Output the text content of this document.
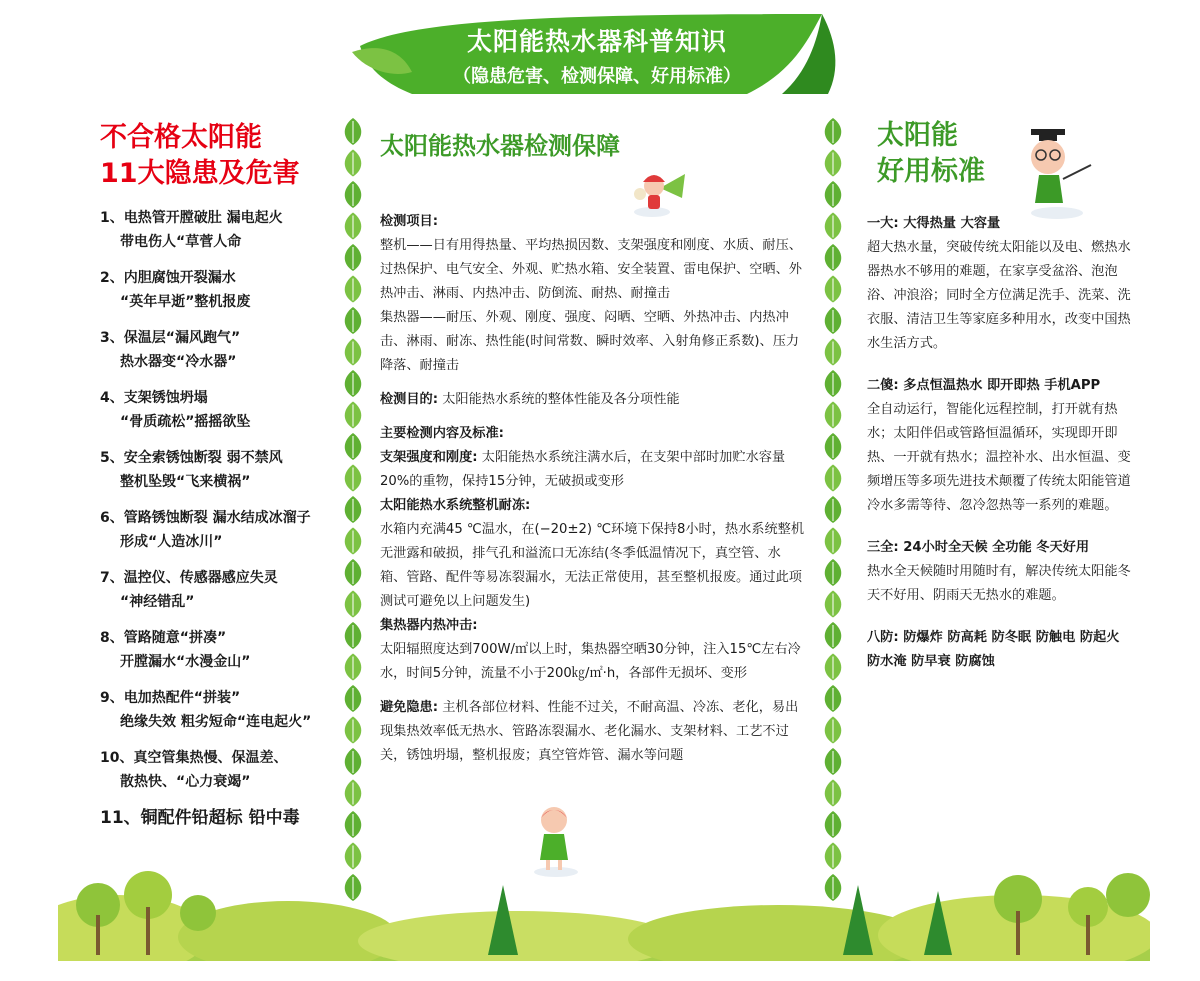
太阳能热水器科普知识
（隐患危害、检测保障、好用标准）
不合格太阳能
11大隐患及危害
1、电热管开膛破肚 漏电起火
带电伤人“草菅人命
2、内胆腐蚀开裂漏水
“英年早逝”整机报废
3、保温层“漏风跑气”
热水器变“冷水器”
4、支架锈蚀坍塌
“骨质疏松”摇摇欲坠
5、安全索锈蚀断裂 弱不禁风
整机坠毁“飞来横祸”
6、管路锈蚀断裂 漏水结成冰溜子
形成“人造冰川”
7、温控仪、传感器感应失灵
“神经错乱”
8、管路随意“拼凑”
开膛漏水“水漫金山”
9、电加热配件“拼装”
绝缘失效 粗劣短命“连电起火”
10、真空管集热慢、保温差、
散热快、“心力衰竭”
11、铜配件铅超标 铅中毒
太阳能热水器检测保障

检测项目:

整机——日有用得热量、平均热损因数、支架强度和刚度、水质、耐压、过热保护、电气安全、外观、贮热水箱、安全装置、雷电保护、空晒、外热冲击、淋雨、内热冲击、防倒流、耐热、耐撞击

集热器——耐压、外观、刚度、强度、闷晒、空晒、外热冲击、内热冲击、淋雨、耐冻、热性能(时间常数、瞬时效率、入射角修正系数)、压力降落、耐撞击

检测目的: 太阳能热水系统的整体性能及各分项性能

主要检测内容及标准:

支架强度和刚度: 太阳能热水系统注满水后，在支架中部时加贮水容量20%的重物，保持15分钟，无破损或变形

太阳能热水系统整机耐冻:

水箱内充满45 ℃温水，在(−20±2) ℃环境下保持8小时，热水系统整机无泄露和破损，排气孔和溢流口无冻结(冬季低温情况下，真空管、水箱、管路、配件等易冻裂漏水，无法正常使用，甚至整机报废。通过此项测试可避免以上问题发生)

集热器内热冲击:

太阳辐照度达到700W/㎡以上时，集热器空晒30分钟，注入15℃左右冷水，时间5分钟，流量不小于200㎏/㎡·h，各部件无损坏、变形

避免隐患: 主机各部位材料、性能不过关，不耐高温、冷冻、老化，易出现集热效率低无热水、管路冻裂漏水、老化漏水、支架材料、工艺不过关，锈蚀坍塌，整机报废；真空管炸管、漏水等问题

太阳能
好用标准

一大: 大得热量 大容量

超大热水量，突破传统太阳能以及电、燃热水器热水不够用的难题，在家享受盆浴、泡泡浴、冲浪浴；同时全方位满足洗手、洗菜、洗衣服、清洁卫生等家庭多种用水，改变中国热水生活方式。

二傻: 多点恒温热水 即开即热 手机APP

全自动运行，智能化远程控制，打开就有热水；太阳伴侣或管路恒温循环，实现即开即热、一开就有热水；温控补水、出水恒温、变频增压等多项先进技术颠覆了传统太阳能管道冷水多需等待、忽冷忽热等一系列的难题。

三全: 24小时全天候 全功能 冬天好用

热水全天候随时用随时有，解决传统太阳能冬天不好用、阴雨天无热水的难题。

八防: 防爆炸 防高耗 防冬眠 防触电 防起火 防水淹 防早衰 防腐蚀
